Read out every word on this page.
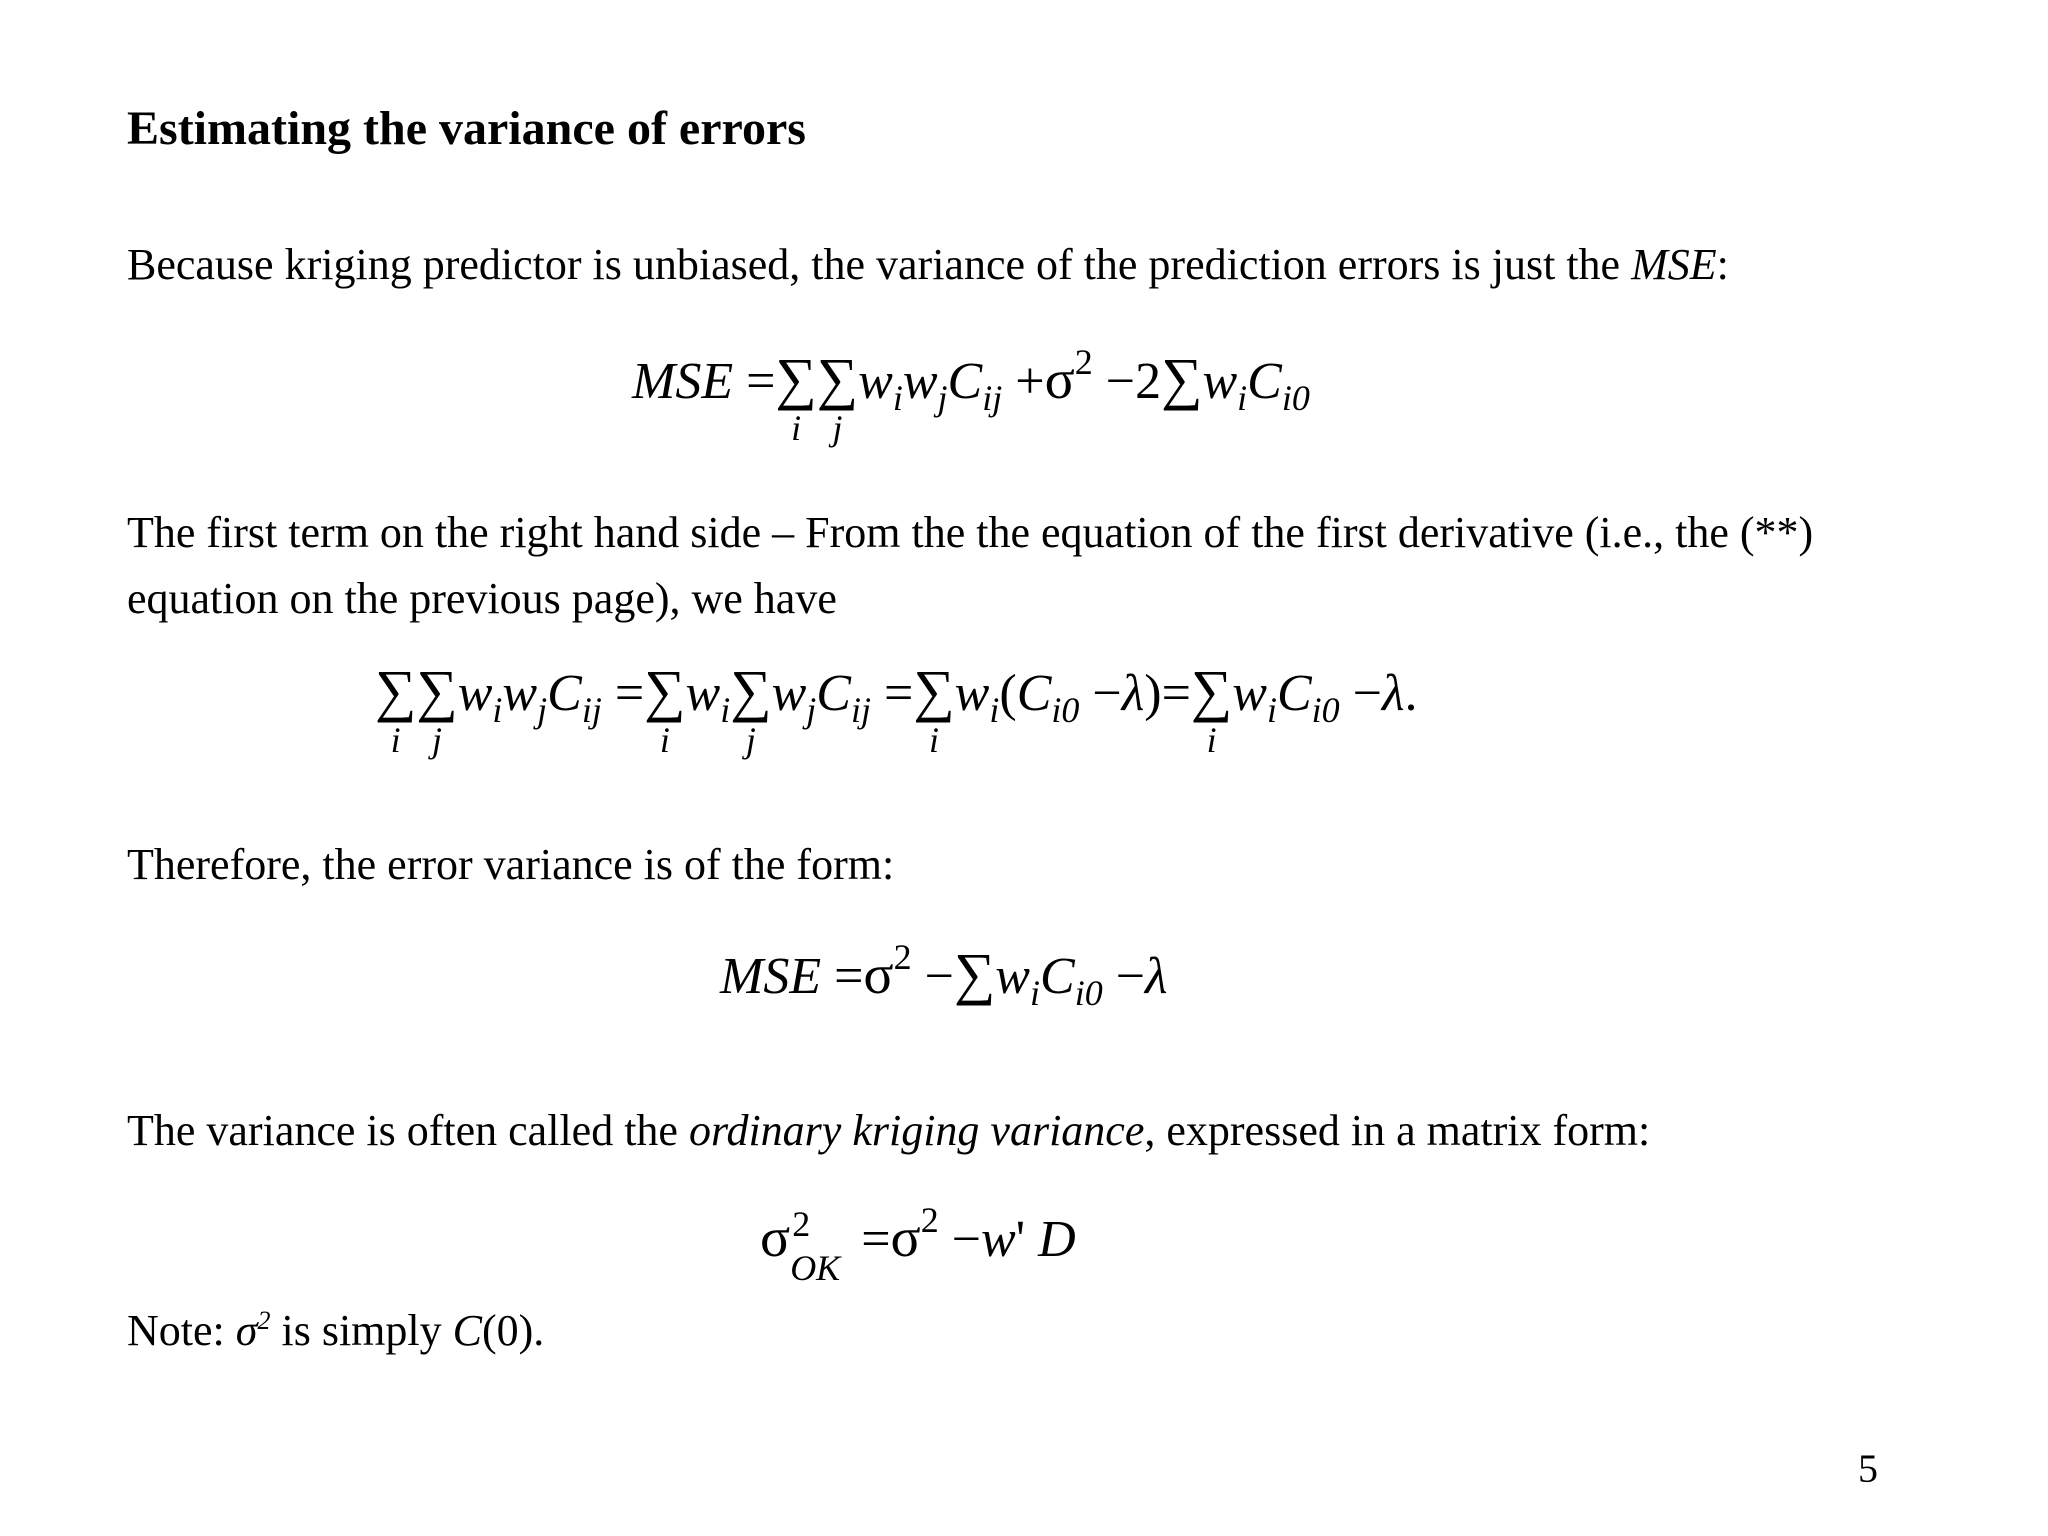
Estimating the variance of errors

Because kriging predictor is unbiased, the variance of the prediction errors is just the MSE:

MSE =∑
i
∑
j
$w_iw_jC_{ij} +\sigma^2 -2\sum w_iC_{i0}$

The first term on the right hand side – From the the equation of the first derivative (i.e., the (**)
equation on the previous page), we have

∑
i
∑
j
$w_iw_jC_{ij}$ =∑
i
$w_i\sum$
j
$w_jC_{ij}$ =∑
i
$w_i(C_{i0} -\lambda)=\sum$
i
$w_iC_{i0} -\lambda$.

Therefore, the error variance is of the form:

MSE $=\sigma^2 -\sum w_iC_{i0} -\lambda$

The variance is often called the ordinary kriging variance, expressed in a matrix form:

σ 2
OK $=\sigma^2 -w'$ D

Note: $\sigma^2$ is simply C(0).

5
